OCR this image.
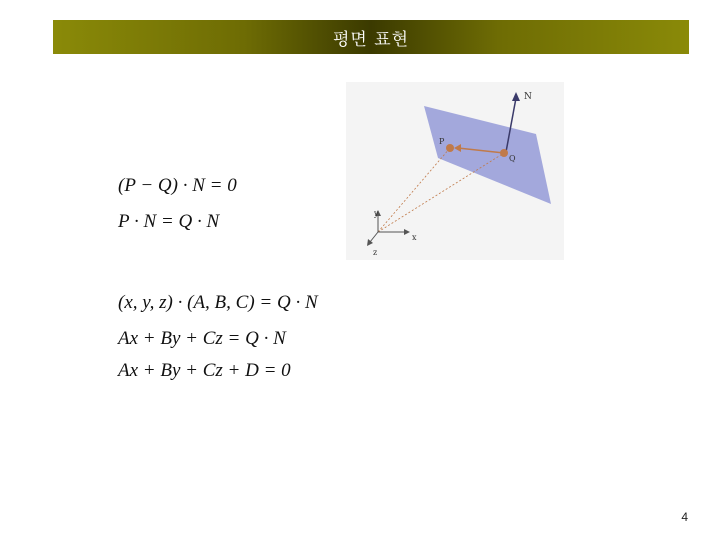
평면 표현
(P − Q) · N = 0
P · N = Q · N
(x, y, z) · (A, B, C) = Q · N
Ax + By + Cz = Q · N
Ax + By + Cz + D = 0
N
P
Q
y
x
z
4
